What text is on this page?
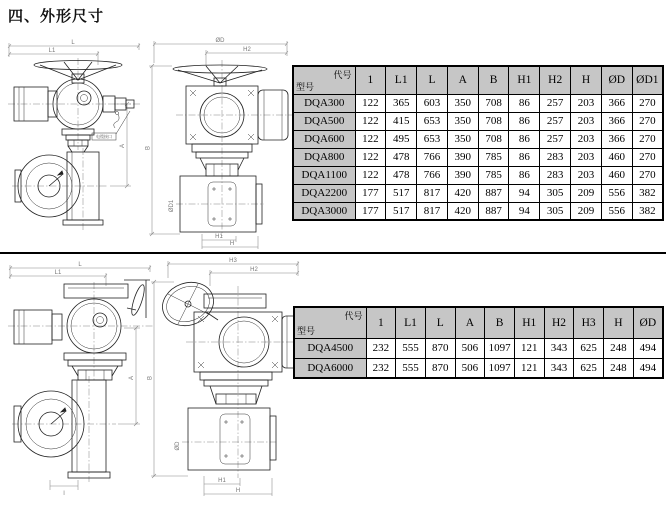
四、外形尺寸
L
L1
A
电缆接口
ØD
H2
B
ØD1
H1
H
代号
型号	1	L1	L	A	B	H1	H2	H	ØD	ØD1
DQA300	122	365	603	350	708	86	257	203	366	270
DQA500	122	415	653	350	708	86	257	203	366	270
DQA600	122	495	653	350	708	86	257	203	366	270
DQA800	122	478	766	390	785	86	283	203	460	270
DQA1100	122	478	766	390	785	86	283	203	460	270
DQA2200	177	517	817	420	887	94	305	209	556	382
DQA3000	177	517	817	420	887	94	305	209	556	382
L
L1
A
l
H3
H2
B
ØD
H1
H
代号
型号	1	L1	L	A	B	H1	H2	H3	H	ØD
DQA4500	232	555	870	506	1097	121	343	625	248	494
DQA6000	232	555	870	506	1097	121	343	625	248	494
